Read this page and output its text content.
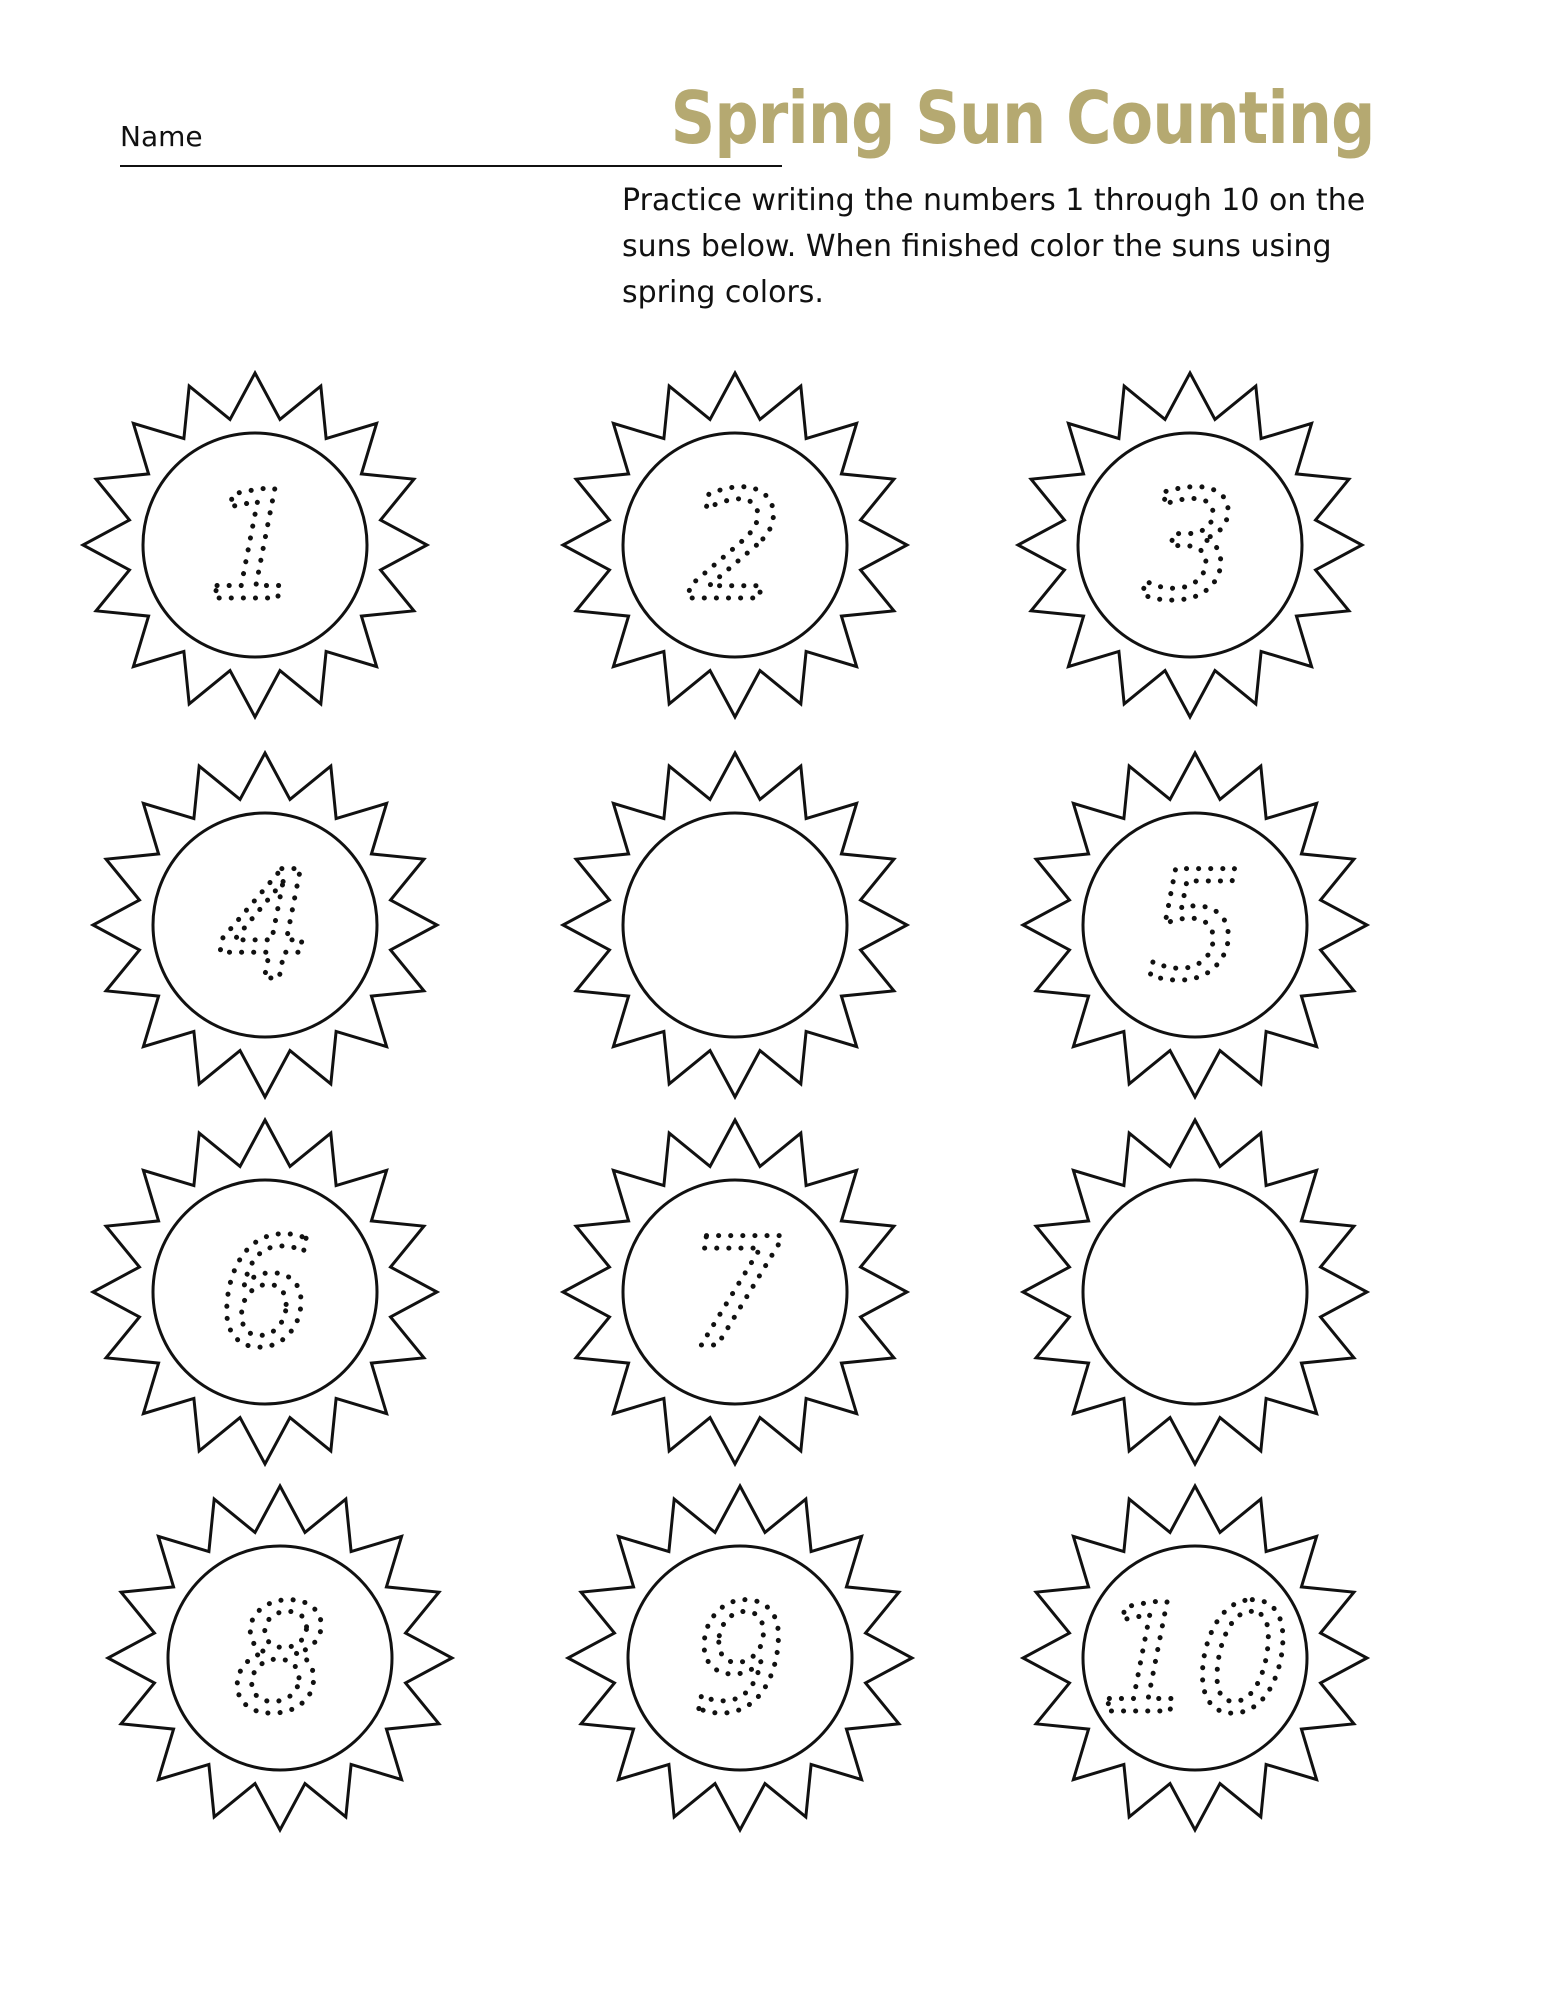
Name	Spring Sun Counting
Practice writing the numbers 1 through 10 on the suns below. When finished color the suns using spring colors.
1	2 3
4	5
6 7
8 9 10
